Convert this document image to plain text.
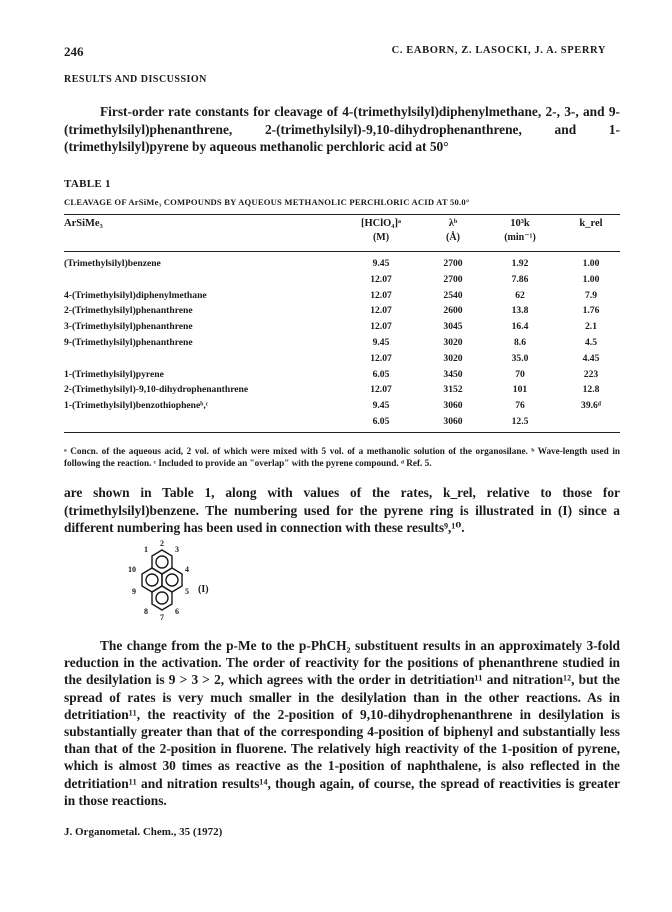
246	C. EABORN, Z. LASOCKI, J. A. SPERRY
RESULTS AND DISCUSSION
First-order rate constants for cleavage of 4-(trimethylsilyl)diphenylmethane, 2-, 3-, and 9-(trimethylsilyl)phenanthrene, 2-(trimethylsilyl)-9,10-dihydrophenanthrene, and 1-(trimethylsilyl)pyrene by aqueous methanolic perchloric acid at 50°
TABLE 1
CLEAVAGE OF ArSiMe₃ COMPOUNDS BY AQUEOUS METHANOLIC PERCHLORIC ACID AT 50.0°
ArSiMe₃	[HClO₄]ᵃ	λᵇ	10³k	k_rel
(M)	(Å)	(min⁻¹)
(Trimethylsilyl)benzene	9.45	2700	1.92	1.00
12.07	2700	7.86	1.00
4-(Trimethylsilyl)diphenylmethane	12.07	2540	62	7.9
2-(Trimethylsilyl)phenanthrene	12.07	2600	13.8	1.76
3-(Trimethylsilyl)phenanthrene	12.07	3045	16.4	2.1
9-(Trimethylsilyl)phenanthrene	9.45	3020	8.6	4.5
12.07	3020	35.0	4.45
1-(Trimethylsilyl)pyrene	6.05	3450	70	223
2-(Trimethylsilyl)-9,10-dihydrophenanthrene	12.07	3152	101	12.8
1-(Trimethylsilyl)benzothiopheneᵇ,ᶜ	9.45	3060	76	39.6ᵈ
6.05	3060	12.5
ᵃ Concn. of the aqueous acid, 2 vol. of which were mixed with 5 vol. of a methanolic solution of the organosilane. ᵇ Wave-length used in following the reaction. ᶜ Included to provide an "overlap" with the pyrene compound. ᵈ Ref. 5.
are shown in Table 1, along with values of the rates, k_rel, relative to those for (trimethylsilyl)benzene. The numbering used for the pyrene ring is illustrated in (I) since a different numbering has been used in connection with these results⁹,¹⁰.
1
2
3
4
5
6
7
8
9
10
(I)
The change from the p-Me to the p-PhCH₂ substituent results in an approximately 3-fold reduction in the activation. The order of reactivity for the positions of phenanthrene studied in the desilylation is 9 > 3 > 2, which agrees with the order in detritiation¹¹ and nitration¹², but the spread of rates is very much smaller in the desilylation than in the other reactions. As in detritiation¹¹, the reactivity of the 2-position of 9,10-dihydrophenanthrene in desilylation is substantially greater than that of the corresponding 4-position of biphenyl and substantially less than that of the 2-position in fluorene. The relatively high reactivity of the 1-position of pyrene, which is almost 30 times as reactive as the 1-position of naphthalene, is also reflected in the detritiation¹¹ and nitration results¹⁴, though again, of course, the spread of reactivities is greater in those reactions.
J. Organometal. Chem., 35 (1972)
